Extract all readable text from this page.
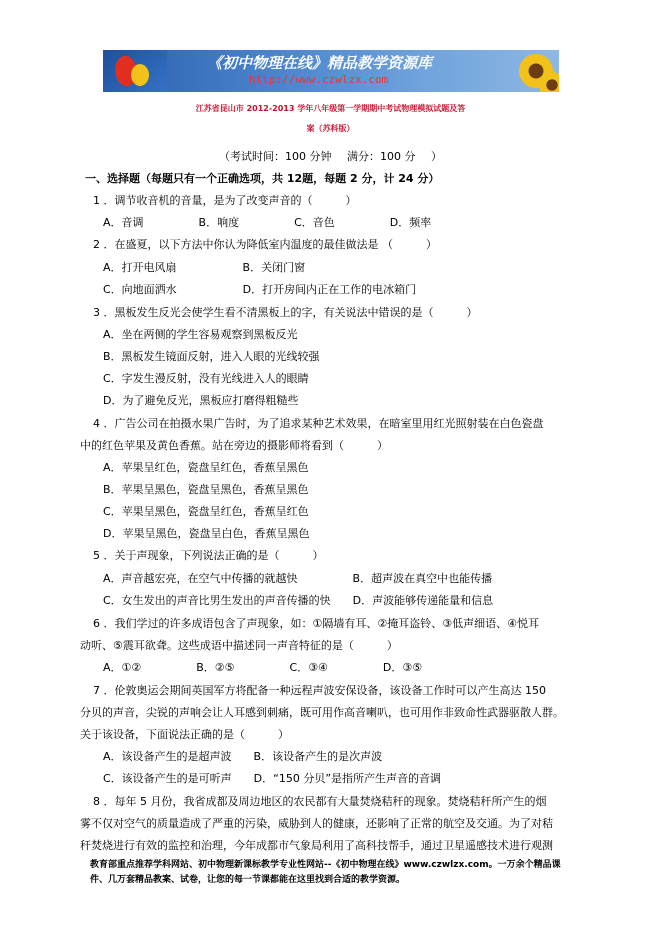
《初中物理在线》精品教学资源库
http://www.czwlzx.com
江苏省昆山市 2012-2013 学年八年级第一学期期中考试物理模拟试题及答
案（苏科版）
（考试时间：100 分钟 满分：100 分 ）
一、选择题（每题只有一个正确选项，共 12题，每题 2 分，计 24 分）
1 ．调节收音机的音量，是为了改变声音的（　　　）
A．音调　　　　　B．响度　　　　　C．音色　　　　　D．频率
2 ．在盛夏，以下方法中你认为降低室内温度的最佳做法是 （　　　）
A．打开电风扇　　　　　　B．关闭门窗
C．向地面洒水　　　　　　D．打开房间内正在工作的电冰箱门
3 ．黑板发生反光会使学生看不清黑板上的字，有关说法中错误的是（　　　）
A．坐在两侧的学生容易观察到黑板反光
B．黑板发生镜面反射，进入人眼的光线较强
C．字发生漫反射，没有光线进入人的眼睛
D．为了避免反光，黑板应打磨得粗糙些
4 ．广告公司在拍摄水果广告时，为了追求某种艺术效果，在暗室里用红光照射装在白色瓷盘
中的红色苹果及黄色香蕉。站在旁边的摄影师将看到（　　　）
A．苹果呈红色，瓷盘呈红色，香蕉呈黑色
B．苹果呈黑色，瓷盘呈黑色，香蕉呈黑色
C．苹果呈黑色，瓷盘呈红色，香蕉呈红色
D．苹果呈黑色，瓷盘呈白色，香蕉呈黑色
5 ．关于声现象，下列说法正确的是（　　　）
A．声音越宏亮，在空气中传播的就越快　　　　　B．超声波在真空中也能传播
C．女生发出的声音比男生发出的声音传播的快　　D．声波能够传递能量和信息
6 ．我们学过的许多成语包含了声现象，如：①隔墙有耳、②掩耳盗铃、③低声细语、④悦耳
动听、⑤震耳欲聋。这些成语中描述同一声音特征的是（　　　）
A．①②　　　　　B．②⑤　　　　　C．③④　　　　　D．③⑤
7 ．伦敦奥运会期间英国军方将配备一种远程声波安保设备，该设备工作时可以产生高达 150
分贝的声音，尖锐的声响会让人耳感到刺痛，既可用作高音喇叭，也可用作非致命性武器驱散人群。
关于该设备，下面说法正确的是（　　　）
A．该设备产生的是超声波　　B．该设备产生的是次声波
C．该设备产生的是可听声　　D．“150 分贝”是指所产生声音的音调
8 ．每年 5 月份，我省成都及周边地区的农民都有大量焚烧秸秆的现象。焚烧秸秆所产生的烟
雾不仅对空气的质量造成了严重的污染，威胁到人的健康，还影响了正常的航空及交通。为了对秸
秆焚烧进行有效的监控和治理，今年成都市气象局利用了高科技帮手，通过卫星遥感技术进行观测
教育部重点推荐学科网站、初中物理新课标教学专业性网站--《初中物理在线》www.czwlzx.com。一万余个精品课
件、几万套精品教案、试卷，让您的每一节课都能在这里找到合适的教学资源。
